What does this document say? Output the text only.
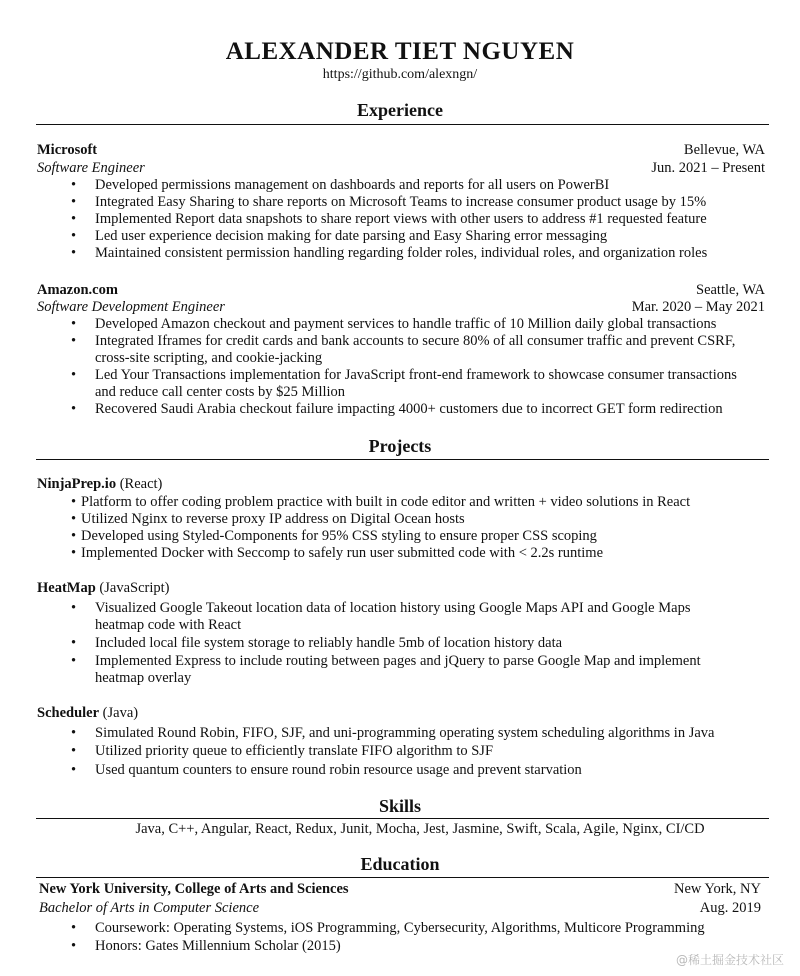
ALEXANDER TIET NGUYEN
https://github.com/alexngn/
Experience
Microsoft	Bellevue, WA
Software Engineer	Jun. 2021 – Present
• Developed permissions management on dashboards and reports for all users on PowerBI
• Integrated Easy Sharing to share reports on Microsoft Teams to increase consumer product usage by 15%
• Implemented Report data snapshots to share report views with other users to address #1 requested feature
• Led user experience decision making for date parsing and Easy Sharing error messaging
• Maintained consistent permission handling regarding folder roles, individual roles, and organization roles
Amazon.com	Seattle, WA
Software Development Engineer	Mar. 2020 – May 2021
• Developed Amazon checkout and payment services to handle traffic of 10 Million daily global transactions
• Integrated Iframes for credit cards and bank accounts to secure 80% of all consumer traffic and prevent CSRF,
cross-site scripting, and cookie-jacking
• Led Your Transactions implementation for JavaScript front-end framework to showcase consumer transactions
and reduce call center costs by $25 Million
• Recovered Saudi Arabia checkout failure impacting 4000+ customers due to incorrect GET form redirection
Projects
NinjaPrep.io (React)
• Platform to offer coding problem practice with built in code editor and written + video solutions in React
• Utilized Nginx to reverse proxy IP address on Digital Ocean hosts
• Developed using Styled-Components for 95% CSS styling to ensure proper CSS scoping
• Implemented Docker with Seccomp to safely run user submitted code with < 2.2s runtime
HeatMap (JavaScript)
• Visualized Google Takeout location data of location history using Google Maps API and Google Maps
heatmap code with React
• Included local file system storage to reliably handle 5mb of location history data
• Implemented Express to include routing between pages and jQuery to parse Google Map and implement
heatmap overlay
Scheduler (Java)
• Simulated Round Robin, FIFO, SJF, and uni-programming operating system scheduling algorithms in Java
• Utilized priority queue to efficiently translate FIFO algorithm to SJF
• Used quantum counters to ensure round robin resource usage and prevent starvation
Skills
Java, C++, Angular, React, Redux, Junit, Mocha, Jest, Jasmine, Swift, Scala, Agile, Nginx, CI/CD
Education
New York University, College of Arts and Sciences	New York, NY
Bachelor of Arts in Computer Science	Aug. 2019
• Coursework: Operating Systems, iOS Programming, Cybersecurity, Algorithms, Multicore Programming
• Honors: Gates Millennium Scholar (2015)
@稀土掘金技术社区
